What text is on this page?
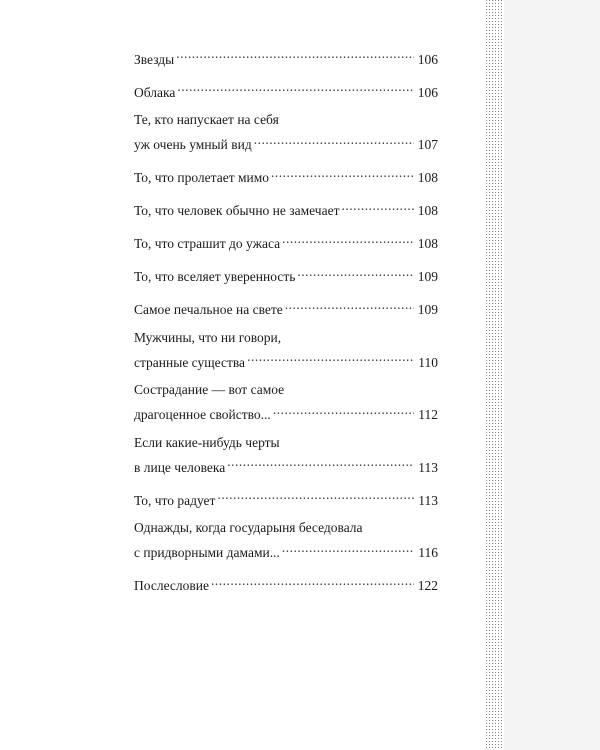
Звезды .....	106
Облака .....	106
Те, кто напускает на себя
уж очень умный вид .....	107
То, что пролетает мимо .....	108
То, что человек обычно не замечает .....	108
То, что страшит до ужаса .....	108
То, что вселяет уверенность .....	109
Самое печальное на свете .....	109
Мужчины, что ни говори,
странные существа .....	110
Сострадание — вот самое
драгоценное свойство... .....	112
Если какие-нибудь черты
в лице человека .....	113
То, что радует .....	113
Однажды, когда государыня беседовала
с придворными дамами... .....	116
Послесловие .....	122
